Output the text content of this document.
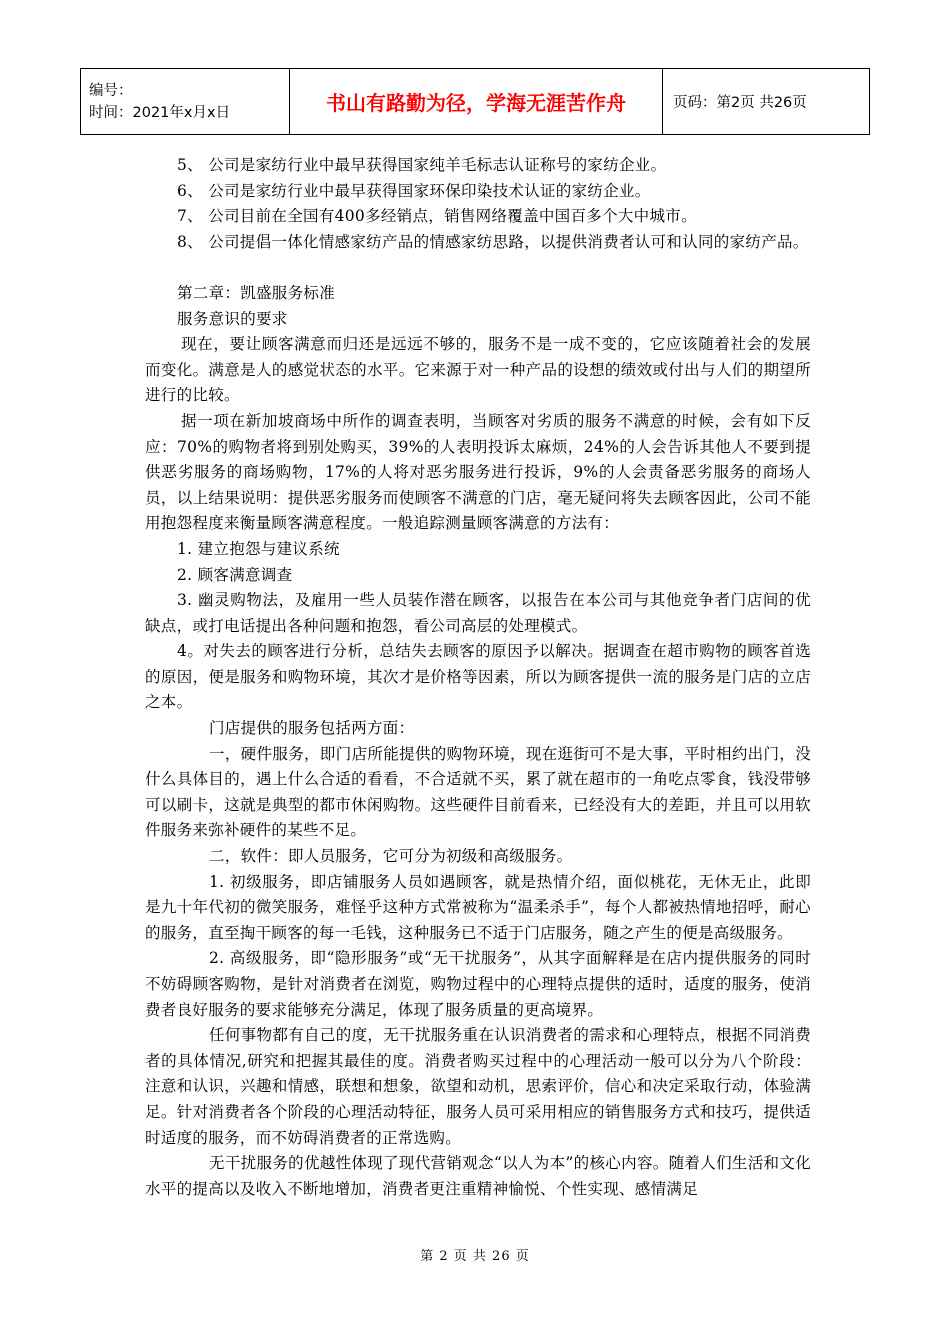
编号：
时间：2021年x月x日	书山有路勤为径，学海无涯苦作舟	页码：第2页 共26页

5、 公司是家纺行业中最早获得国家纯羊毛标志认证称号的家纺企业。

6、 公司是家纺行业中最早获得国家环保印染技术认证的家纺企业。

7、 公司目前在全国有400多经销点，销售网络覆盖中国百多个大中城市。

8、 公司提倡一体化情感家纺产品的情感家纺思路，以提供消费者认可和认同的家纺产品。

第二章：凯盛服务标准

服务意识的要求

现在，要让顾客满意而归还是远远不够的，服务不是一成不变的，它应该随着社会的发展而变化。满意是人的感觉状态的水平。它来源于对一种产品的设想的绩效或付出与人们的期望所进行的比较。

据一项在新加坡商场中所作的调查表明，当顾客对劣质的服务不满意的时候，会有如下反应：70%的购物者将到别处购买，39%的人表明投诉太麻烦，24%的人会告诉其他人不要到提供恶劣服务的商场购物，17%的人将对恶劣服务进行投诉，9%的人会责备恶劣服务的商场人员，以上结果说明：提供恶劣服务而使顾客不满意的门店，毫无疑问将失去顾客因此，公司不能用抱怨程度来衡量顾客满意程度。一般追踪测量顾客满意的方法有：

1. 建立抱怨与建议系统

2. 顾客满意调查

3. 幽灵购物法，及雇用一些人员装作潜在顾客，以报告在本公司与其他竞争者门店间的优缺点，或打电话提出各种问题和抱怨，看公司高层的处理模式。

4。对失去的顾客进行分析，总结失去顾客的原因予以解决。据调查在超市购物的顾客首选的原因，便是服务和购物环境，其次才是价格等因素，所以为顾客提供一流的服务是门店的立店之本。

门店提供的服务包括两方面：

一，硬件服务，即门店所能提供的购物环境，现在逛街可不是大事，平时相约出门，没什么具体目的，遇上什么合适的看看，不合适就不买，累了就在超市的一角吃点零食，钱没带够可以刷卡，这就是典型的都市休闲购物。这些硬件目前看来，已经没有大的差距，并且可以用软件服务来弥补硬件的某些不足。

二，软件：即人员服务，它可分为初级和高级服务。

1. 初级服务，即店铺服务人员如遇顾客，就是热情介绍，面似桃花，无休无止，此即是九十年代初的微笑服务，难怪乎这种方式常被称为“温柔杀手”，每个人都被热情地招呼，耐心的服务，直至掏干顾客的每一毛钱，这种服务已不适于门店服务，随之产生的便是高级服务。

2. 高级服务，即“隐形服务”或“无干扰服务”，从其字面解释是在店内提供服务的同时不妨碍顾客购物，是针对消费者在浏览，购物过程中的心理特点提供的适时，适度的服务，使消费者良好服务的要求能够充分满足，体现了服务质量的更高境界。

任何事物都有自己的度，无干扰服务重在认识消费者的需求和心理特点，根据不同消费者的具体情况,研究和把握其最佳的度。消费者购买过程中的心理活动一般可以分为八个阶段：注意和认识，兴趣和情感，联想和想象，欲望和动机，思索评价，信心和决定采取行动，体验满足。针对消费者各个阶段的心理活动特征，服务人员可采用相应的销售服务方式和技巧，提供适时适度的服务，而不妨碍消费者的正常选购。

无干扰服务的优越性体现了现代营销观念“以人为本”的核心内容。随着人们生活和文化水平的提高以及收入不断地增加，消费者更注重精神愉悦、个性实现、感情满足

第 2 页 共 26 页
